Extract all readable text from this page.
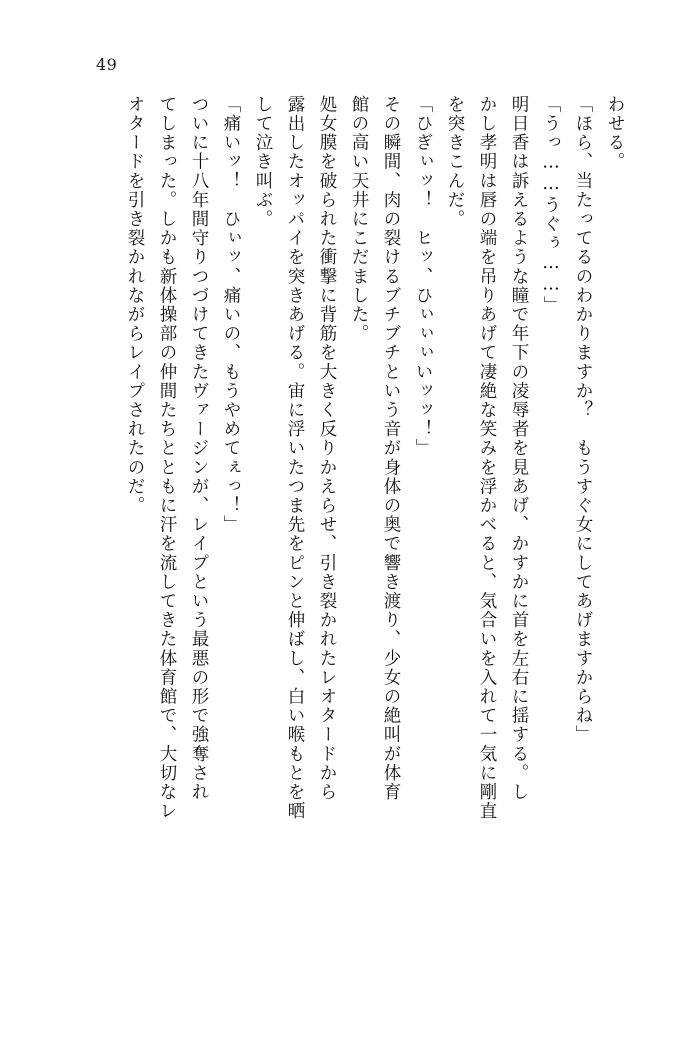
49
わせる。
「ほら、当たってるのわかりますか？　もうすぐ女にしてあげますからね」
「うっ……うぐぅ……」
明日香は訴えるような瞳で年下の凌辱者を見あげ、かすかに首を左右に揺する。し
かし孝明は唇の端を吊りあげて凄絶な笑みを浮かべると、気合いを入れて一気に剛直
を突きこんだ。
「ひぎぃッ！　ヒッ、ひぃぃぃいッッ！」
その瞬間、肉の裂けるブチブチという音が身体の奥で響き渡り、少女の絶叫が体育
館の高い天井にこだました。
処女膜を破られた衝撃に背筋を大きく反りかえらせ、引き裂かれたレオタードから
露出したオッパイを突きあげる。宙に浮いたつま先をピンと伸ばし、白い喉もとを晒
して泣き叫ぶ。
「痛いッ！　ひぃッ、痛いの、もうやめてぇっ！」
ついに十八年間守りつづけてきたヴァージンが、レイプという最悪の形で強奪され
てしまった。しかも新体操部の仲間たちとともに汗を流してきた体育館で、大切なレ
オタードを引き裂かれながらレイプされたのだ。
